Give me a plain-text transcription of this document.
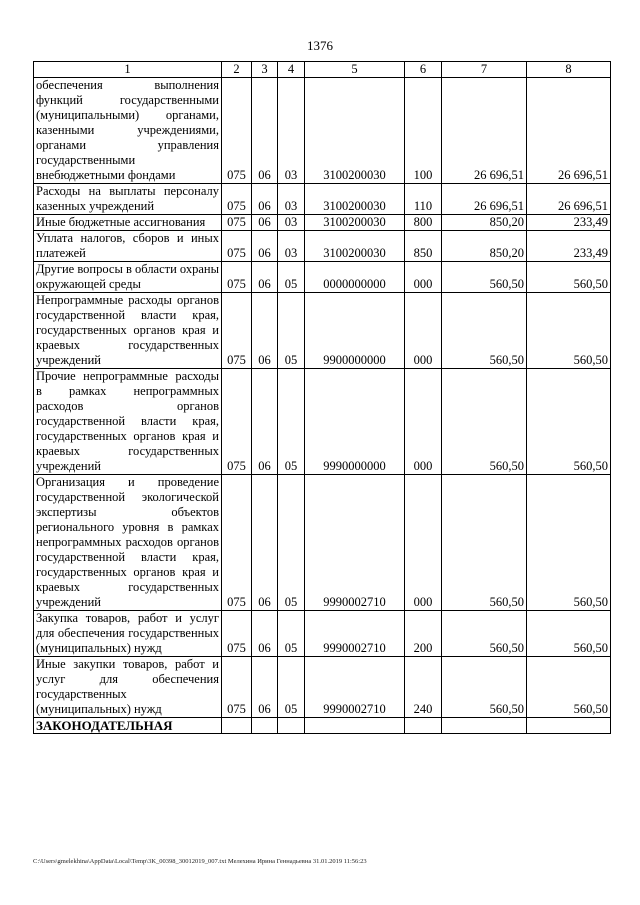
1376
1	2	3	4	5	6	7	8
обеспечения выполнения функций государственными (муниципальными) органами, казенными учреждениями, органами управления государственными внебюджетными фондами	075	06	03	3100200030	100	26 696,51	26 696,51
Расходы на выплаты персоналу казенных учреждений	075	06	03	3100200030	110	26 696,51	26 696,51
Иные бюджетные ассигнования	075	06	03	3100200030	800	850,20	233,49
Уплата налогов, сборов и иных платежей	075	06	03	3100200030	850	850,20	233,49
Другие вопросы в области охраны окружающей среды	075	06	05	0000000000	000	560,50	560,50
Непрограммные расходы органов государственной власти края, государственных органов края и краевых государственных учреждений	075	06	05	9900000000	000	560,50	560,50
Прочие непрограммные расходы в рамках непрограммных расходов органов государственной власти края, государственных органов края и краевых государственных учреждений	075	06	05	9990000000	000	560,50	560,50
Организация и проведение государственной экологической экспертизы объектов регионального уровня в рамках непрограммных расходов органов государственной власти края, государственных органов края и краевых государственных учреждений	075	06	05	9990002710	000	560,50	560,50
Закупка товаров, работ и услуг для обеспечения государственных (муниципальных) нужд	075	06	05	9990002710	200	560,50	560,50
Иные закупки товаров, работ и услуг для обеспечения государственных (муниципальных) нужд	075	06	05	9990002710	240	560,50	560,50
ЗАКОНОДАТЕЛЬНАЯ							
C:\Users\gmelekhina\AppData\Local\Temp\3K_00398_30012019_007.txt Мелехина Ирина Геннадьевна 31.01.2019 11:56:23
